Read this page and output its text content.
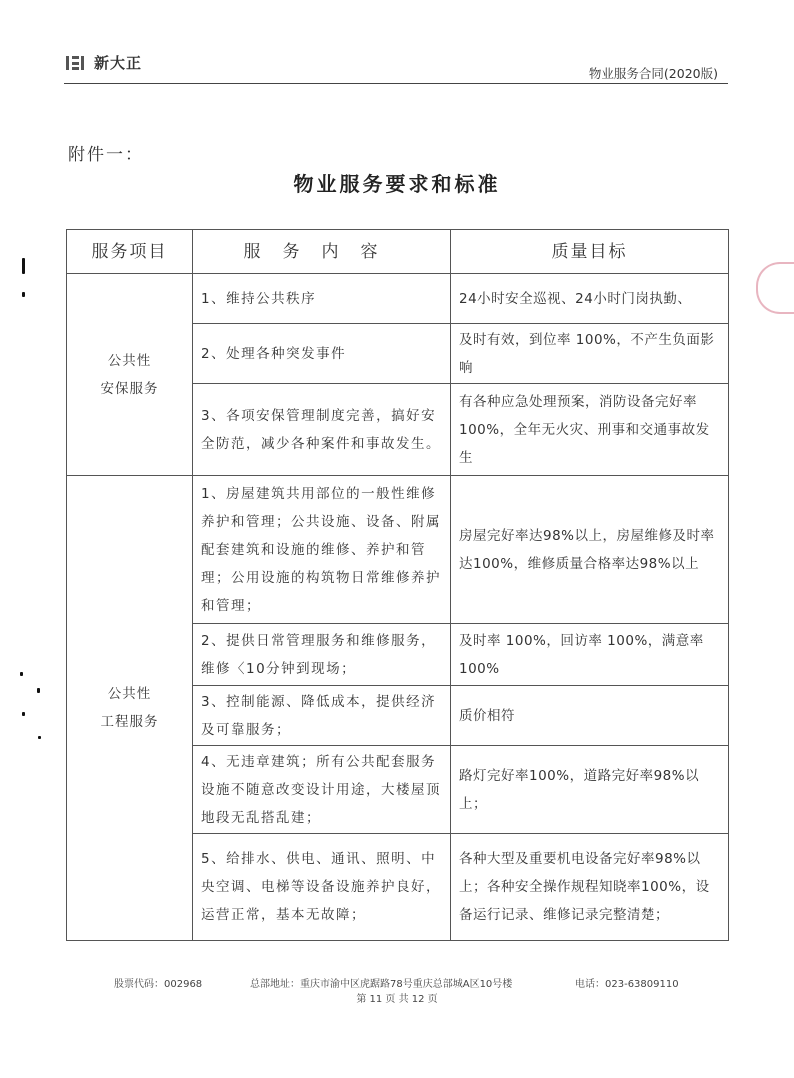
新大正
物业服务合同(2020版)
附件一：
物业服务要求和标准
服务项目	服务内容	质量目标

公共性
安保服务	1、维持公共秩序	24小时安全巡视、24小时门岗执勤、
	2、处理各种突发事件	及时有效，到位率 100%，不产生负面影响
	3、各项安保管理制度完善，搞好安全防范，减少各种案件和事故发生。	有各种应急处理预案，消防设备完好率100%，全年无火灾、刑事和交通事故发生

公共性
工程服务	1、房屋建筑共用部位的一般性维修养护和管理；公共设施、设备、附属配套建筑和设施的维修、养护和管理；公用设施的构筑物日常维修养护和管理；	房屋完好率达98%以上，房屋维修及时率达100%，维修质量合格率达98%以上
	2、提供日常管理服务和维修服务，维修〈10分钟到现场；	及时率 100%，回访率 100%，满意率 100%
	3、控制能源、降低成本，提供经济及可靠服务；	质价相符
	4、无违章建筑；所有公共配套服务设施不随意改变设计用途，大楼屋顶地段无乱搭乱建；	路灯完好率100%，道路完好率98%以上；
	5、给排水、供电、通讯、照明、中央空调、电梯等设备设施养护良好，运营正常，基本无故障；	各种大型及重要机电设备完好率98%以上；各种安全操作规程知晓率100%，设备运行记录、维修记录完整清楚；
股票代码：002968	总部地址：重庆市渝中区虎踞路78号重庆总部城A区10号楼	电话：023-63809110
第 11 页 共 12 页
